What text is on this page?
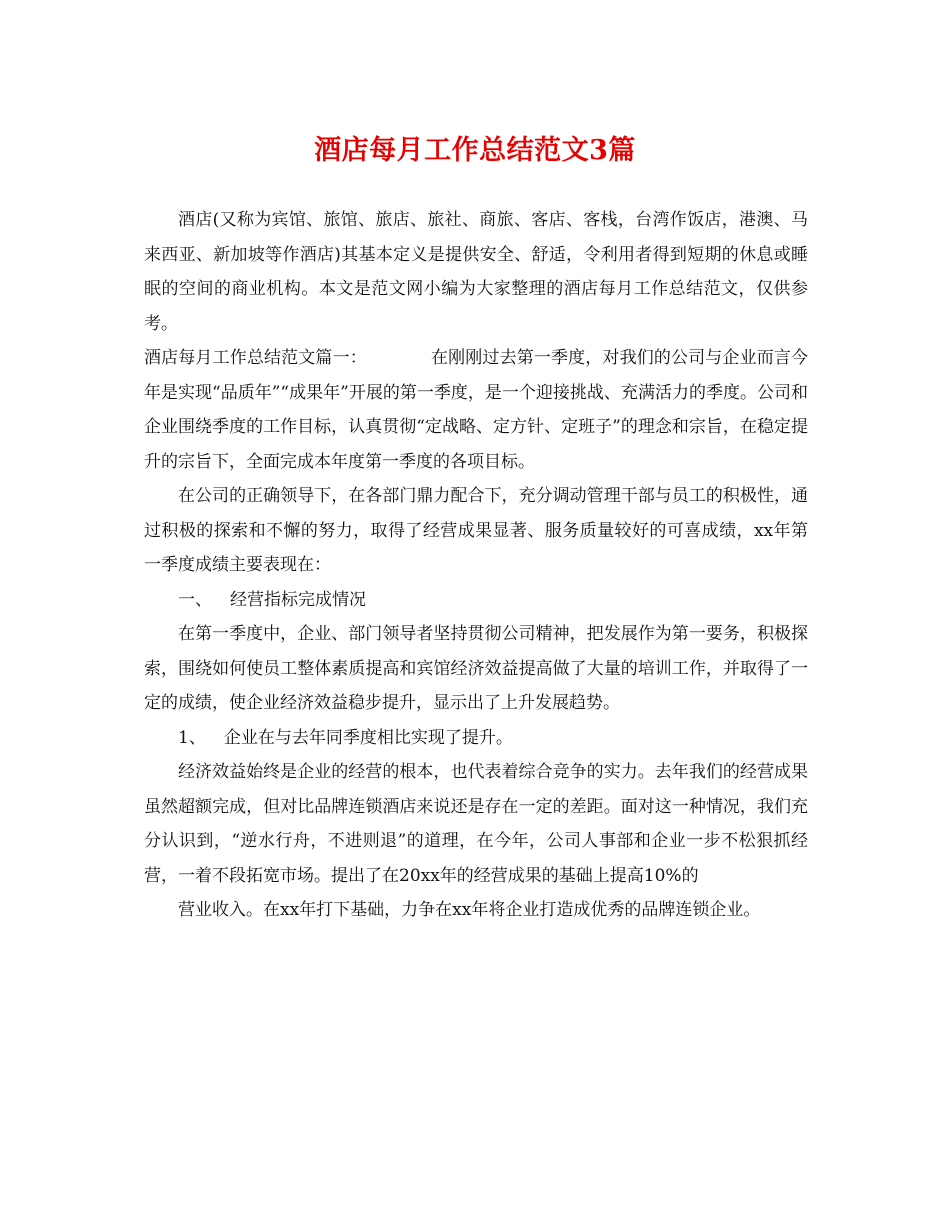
酒店每月工作总结范文3篇

酒店(又称为宾馆、旅馆、旅店、旅社、商旅、客店、客栈，台湾作饭店，港澳、马来西亚、新加坡等作酒店)其基本定义是提供安全、舒适，令利用者得到短期的休息或睡眠的空间的商业机构。本文是范文网小编为大家整理的酒店每月工作总结范文，仅供参考。

酒店每月工作总结范文篇一：	在刚刚过去第一季度，对我们的公司与企业而言今年是实现“品质年”“成果年”开展的第一季度，是一个迎接挑战、充满活力的季度。公司和企业围绕季度的工作目标，认真贯彻“定战略、定方针、定班子”的理念和宗旨，在稳定提升的宗旨下，全面完成本年度第一季度的各项目标。

在公司的正确领导下，在各部门鼎力配合下，充分调动管理干部与员工的积极性，通过积极的探索和不懈的努力，取得了经营成果显著、服务质量较好的可喜成绩，xx年第一季度成绩主要表现在：

一、 经营指标完成情况

在第一季度中，企业、部门领导者坚持贯彻公司精神，把发展作为第一要务，积极探索，围绕如何使员工整体素质提高和宾馆经济效益提高做了大量的培训工作，并取得了一定的成绩，使企业经济效益稳步提升，显示出了上升发展趋势。

1、 企业在与去年同季度相比实现了提升。

经济效益始终是企业的经营的根本，也代表着综合竞争的实力。去年我们的经营成果虽然超额完成，但对比品牌连锁酒店来说还是存在一定的差距。面对这一种情况，我们充分认识到，“逆水行舟，不进则退”的道理，在今年，公司人事部和企业一步不松狠抓经营，一着不段拓宽市场。提出了在20xx年的经营成果的基础上提高10%的

营业收入。在xx年打下基础，力争在xx年将企业打造成优秀的品牌连锁企业。
